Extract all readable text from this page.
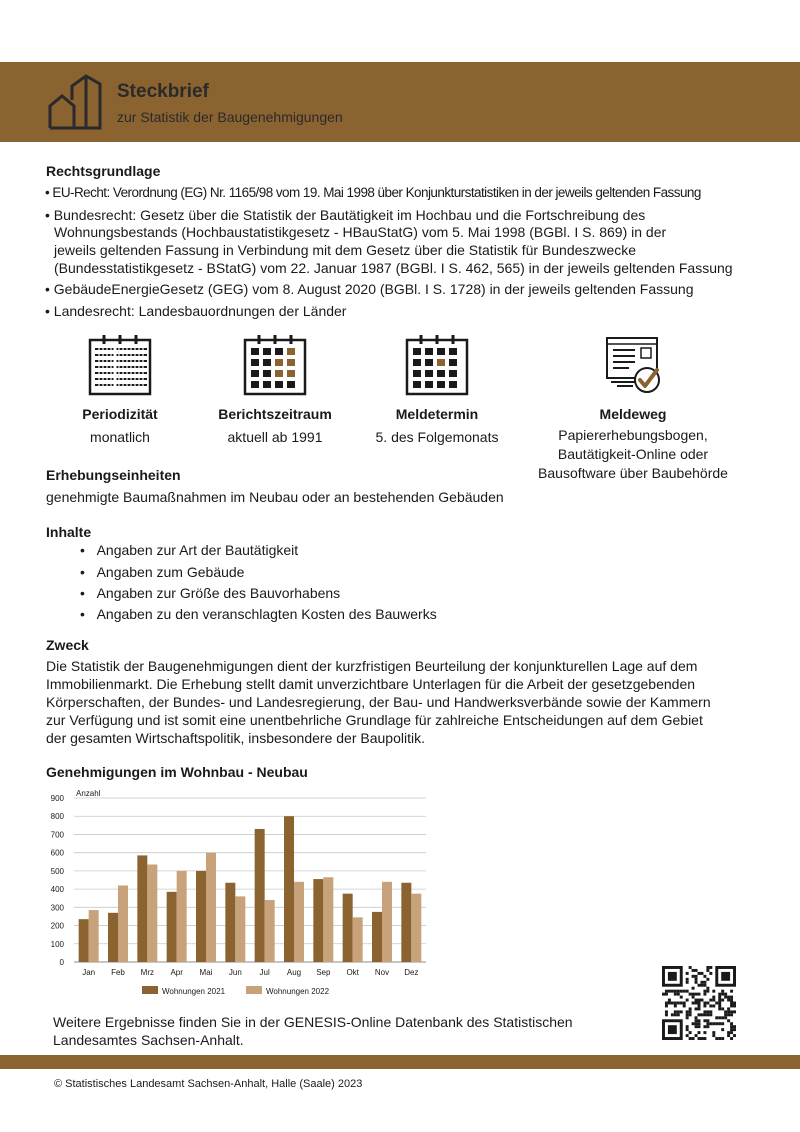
Steckbrief
zur Statistik der Baugenehmigungen
Rechtsgrundlage
• EU-Recht: Verordnung (EG) Nr. 1165/98 vom 19. Mai 1998 über Konjunkturstatistiken in der jeweils geltenden Fassung
• Bundesrecht: Gesetz über die Statistik der Bautätigkeit im Hochbau und die Fortschreibung des
Wohnungsbestands (Hochbaustatistikgesetz - HBauStatG) vom 5. Mai 1998 (BGBl. I S. 869) in der
jeweils geltenden Fassung in Verbindung mit dem Gesetz über die Statistik für Bundeszwecke
(Bundesstatistikgesetz - BStatG) vom 22. Januar 1987 (BGBl. I S. 462, 565) in der jeweils geltenden Fassung
• GebäudeEnergieGesetz (GEG) vom 8. August 2020 (BGBl. I S. 1728) in der jeweils geltenden Fassung
• Landesrecht: Landesbauordnungen der Länder
Periodizität
monatlich
Berichtszeitraum
aktuell ab 1991
Meldetermin
5. des Folgemonats
Meldeweg
Papiererhebungsbogen,
Bautätigkeit-Online oder
Bausoftware über Baubehörde
Erhebungseinheiten
genehmigte Baumaßnahmen im Neubau oder an bestehenden Gebäuden
Inhalte
•   Angaben zur Art der Bautätigkeit
•   Angaben zum Gebäude
•   Angaben zur Größe des Bauvorhabens
•   Angaben zu den veranschlagten Kosten des Bauwerks
Zweck
Die Statistik der Baugenehmigungen dient der kurzfristigen Beurteilung der konjunkturellen Lage auf dem
Immobilienmarkt. Die Erhebung stellt damit unverzichtbare Unterlagen für die Arbeit der gesetzgebenden
Körperschaften, der Bundes- und Landesregierung, der Bau- und Handwerksverbände sowie der Kammern
zur Verfügung und ist somit eine unentbehrliche Grundlage für zahlreiche Entscheidungen auf dem Gebiet
der gesamten Wirtschaftspolitik, insbesondere der Baupolitik.
Genehmigungen im Wohnbau - Neubau
0
100
200
300
400
500
600
700
800
900
Anzahl
Jan Feb Mrz Apr Mai Jun Jul Aug Sep Okt Nov Dez
Wohnungen 2021	Wohnungen 2022
Weitere Ergebnisse finden Sie in der GENESIS-Online Datenbank des Statistischen
Landesamtes Sachsen-Anhalt.
© Statistisches Landesamt Sachsen-Anhalt, Halle (Saale) 2023
